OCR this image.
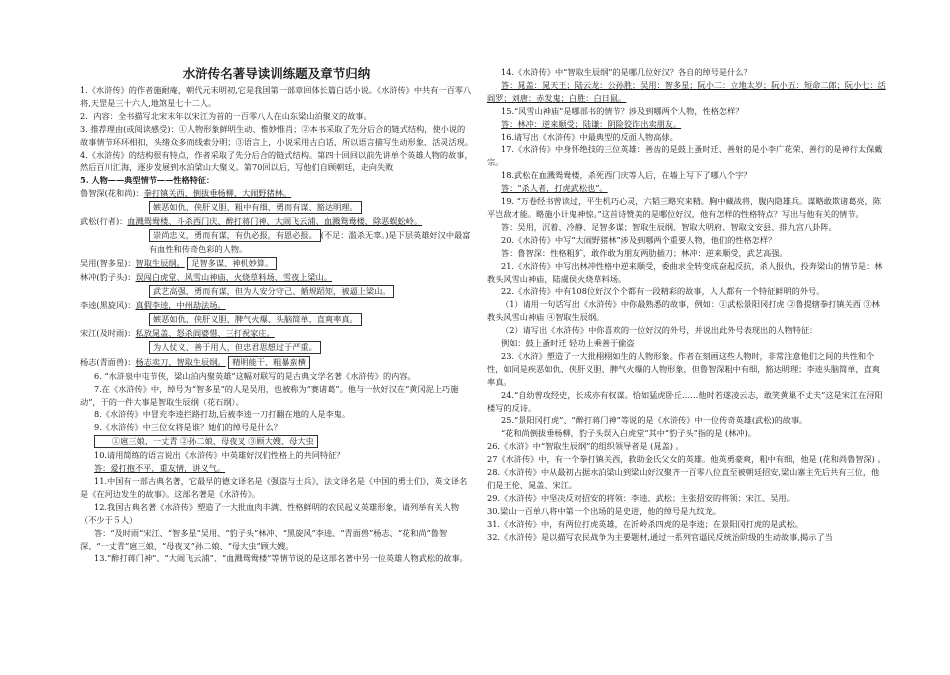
水浒传名著导读训练题及章节归纳

1.《水浒传》的作者施耐庵，朝代元末明初,它是我国第一部章回体长篇白话小说。《水浒传》中共有一百零八将,天罡是三十六人,地煞星七十二人。

2．内容：全书描写北宋末年以宋江为首的一百零八人在山东梁山泊聚义的故事。

3. 推荐理由(或阅读感受)：①人物形象鲜明生动、惟妙惟肖；②本书采取了先分后合的链式结构，使小说的故事情节环环相扣，头绪众多而线索分明；③语言上，小说采用古白话，所以语言描写生动形象、活灵活现。

4.《水浒传》的结构很有特点，作者采取了先分后合的链式结构。第四十回回以前先讲单个英雄人物的故事，然后百川汇海，逐步发展到水泊梁山大聚义。第70回以后，写他们自顾朝廷，走向失败

5. 人物——典型情节——性格特征：

鲁智深(花和尚)：拳打镇关西、倒拔垂杨柳、大闹野猪林。
嫉恶如仇、侠肝义胆、粗中有细、勇而有谋、豁达明理。
武松(行者)：血溅鸳鸯楼、斗杀西门庆、醉打蒋门神、大闹飞云浦、血溅鸳鸯楼、除恶蜈蚣岭。
崇尚忠义，勇而有谋，有仇必报，有恩必报。 (不足：滥杀无辜。)是下层英雄好汉中最富有血性和传奇色彩的人物。
吴用(智多星)：智取生辰纲。 足智多谋、神机妙算。
林冲(豹子头)：误闯白虎堂、风雪山神庙、火烧草料场、雪夜上梁山。
武艺高强、勇而有谋，但为人安分守己、循规蹈矩，被逼上梁山。
李逵(黑旋风)：真假李逵，中州劫法场。
嫉恶如仇、侠肝义胆、脾气火爆、头脑简单、直爽率真。
宋江(及时雨)：私放晁盖、怒杀阎婆惜、三打祝家庄。
为人仗义、善于用人，但忠君思想过于严重。
杨志(青面兽)：杨志卖刀、智取生辰纲。 精明能干、粗暴蛮横

6. “水浒泉中屯节侠，梁山泊内聚英雄”这幅对联写的是古典文学名著《水浒传》的内容。

7.在《水浒传》中，绰号为“智多星”的人是吴用，也被称为“赛诸葛”。他与一伙好汉在“黄冈泥上巧施动”，干的一件大事是智取生辰纲（花石纲）。

8.《水浒传》中冒充李逵拦路打劫,后被李逵一刀打翻在地的人是李鬼。

9.《水浒传》中三位女将是谁？她们的绰号是什么？

①扈三娘、一丈青 ②孙二娘、母夜叉 ③顾大嫂、母大虫

10.请用简练的语言说出《水浒传》中英雄好汉们性格上的共同特征？

答：爱打抱不平，重友情，讲义气。

11.中国有一部古典名著，它最早的德文译名是《强盗与士兵》，法文译名是《中国的勇士们》，英文译名是《在河边发生的故事》。这部名著是《水浒传》。

12.我国古典名著《水浒传》塑造了一大批血肉丰满、性格鲜明的农民起义英雄形象，请列举有关人物（不少于５人）

答：“及时雨”宋江、“智多星”吴用、“豹子头”林冲、“黑旋风”李逵、“青面兽”杨志、“花和尚”鲁智深、“一丈青”扈三娘、“母夜叉”孙二娘、“母大虫”顾大嫂。

13.“醉打蒋门神”、“大闹飞云浦”、“血溅鸳鸯楼”等情节说的是这部名著中另一位英雄人物武松的故事。

14.《水浒传》中“智取生辰纲”的是哪几位好汉？各自的绰号是什么？

答：晁盖：晁天王；陆云龙：公孙胜；吴用：智多星；阮小二：立地太岁；阮小五：短命二郎；阮小七：活阎罗；刘唐：赤发鬼；白胜：白日鼠。

15.“风雪山神庙”是哪部书的情节？涉及到哪两个人物，性格怎样？

答：林冲：逆来顺受；陆谦：阴险狡诈出卖朋友。

16.请写出《水浒传》中最典型的反面人物高俅。

17.《水浒传》中身怀绝技的三位英雄：善齿的是鼓上蚤时迁、善射的是小李广花荣、善行的是神行太保戴宗。

18.武松在血溅鸳鸯楼，杀死西门庆等人后，在墙上写下了哪八个字？

答：“杀人者，打虎武松也”。

19. “万卷经书曾读过，平生机巧心灵，六韬三略究来精。胸中藏战将，腹内隐雄兵。谋略敢欺诸葛亮，陈平岂敌才能。略施小计鬼神惊。”这首诗赞美的是哪位好汉，他有怎样的性格特点？写出与他有关的情节。

答：吴用，沉着、冷静、足智多谋；智取生辰纲、智取大明府、智取文安县、排九宫八卦阵。

20.《水浒传》中写“大闹野猪林”涉及到哪两个重要人物，他们的性格怎样？

答：鲁智深：性格粗犷，敢作敢为朋友两肋插刀；林冲：逆来顺受，武艺高强。

21.《水浒传》中写出林冲性格中逆来顺受，委曲求全转变成奋起反抗，杀人报仇，投奔梁山的情节是：林教头风雪山神庙，陆虞侯火烧草料场。

22.《水浒传》中有108位好汉个个都有一段精彩的故事，人人都有一个特征鲜明的外号。

（1）请用一句话写出《水浒传》中你最熟悉的故事，例如：①武松景阳冈打虎 ②鲁提辖拳打镇关西 ③林教头风雪山神庙 ④智取生辰纲。

（2）请写出《水浒传》中你喜欢的一位好汉的外号，并说出此外号表现出的人物特征：

例如：鼓上蚤时迁 轻功上乘善于偷盗

23.《水浒》塑造了一大批栩栩如生的人物形象。作者在刻画这些人物时，非常注意他们之间的共性和个性，如同是疾恶如仇、侠肝义胆、脾气火爆的人物形象，但鲁智深粗中有细，豁达明理；李逵头脑简单，直爽率真。

24.“自幼曾攻经史，长成亦有权谋。恰如猛虎卧丘……他时若遂凌云志，敢笑黄巢不丈夫”这是宋江在浔阳楼写的反诗。

25.“景阳冈打虎”、“醉打蒋门神”等说的是《水浒传》中一位传奇英雄(武松)的故事。

“花和尚倒拔垂杨柳，豹子头误入白虎堂”其中“豹子头”指的是 (林冲)。

26.《水浒》中“智取生辰纲”的组织领导者是 (晁盖) 。

27《水浒传》中，有一个拳打镇关西，救助金氏父女的英雄。他英勇豪爽，粗中有细，他是 (花和尚鲁智深) 。

28.《水浒传》中从最初占据水泊梁山到梁山好汉聚齐一百零八位直至被朝廷招安,梁山寨主先后共有三位，他们是王伦、晁盖、宋江。

29.《水浒传》中坚决反对招安的将领：李逵、武松；主张招安的将领：宋江、吴用。

30.梁山一百单八将中第一个出场的是史进，他的绰号是九纹龙。

31.《水浒传》中，有两位打虎英雄，在沂岭杀四虎的是李逵；在景阳冈打虎的是武松。

32.《水浒传》是以描写农民战争为主要题材,通过一系列官逼民反统治阶级的生动故事,揭示了当
